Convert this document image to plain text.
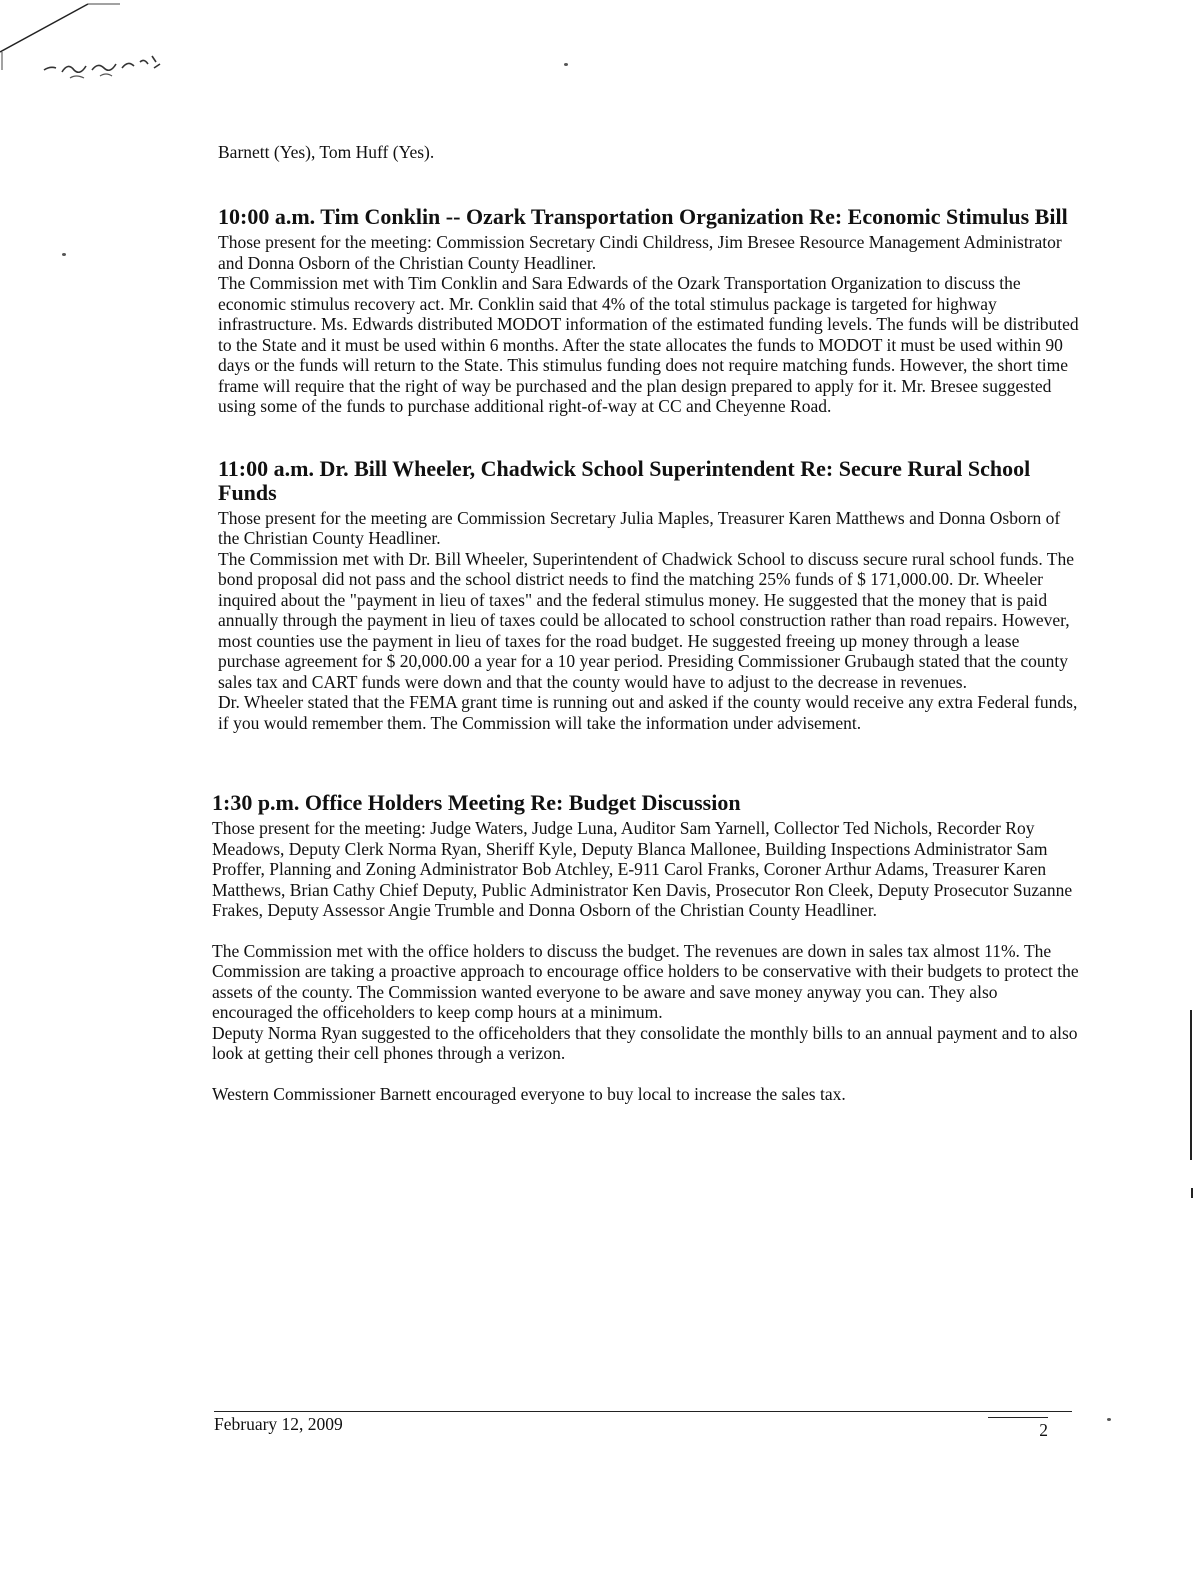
Barnett (Yes), Tom Huff (Yes).

10:00 a.m. Tim Conklin -- Ozark Transportation Organization Re: Economic Stimulus Bill

Those present for the meeting: Commission Secretary Cindi Childress, Jim Bresee Resource Management Administrator and Donna Osborn of the Christian County Headliner.

The Commission met with Tim Conklin and Sara Edwards of the Ozark Transportation Organization to discuss the economic stimulus recovery act. Mr. Conklin said that 4% of the total stimulus package is targeted for highway infrastructure. Ms. Edwards distributed MODOT information of the estimated funding levels. The funds will be distributed to the State and it must be used within 6 months. After the state allocates the funds to MODOT it must be used within 90 days or the funds will return to the State. This stimulus funding does not require matching funds. However, the short time frame will require that the right of way be purchased and the plan design prepared to apply for it. Mr. Bresee suggested using some of the funds to purchase additional right-of-way at CC and Cheyenne Road.

11:00 a.m. Dr. Bill Wheeler, Chadwick School Superintendent Re: Secure Rural School Funds

Those present for the meeting are Commission Secretary Julia Maples, Treasurer Karen Matthews and Donna Osborn of the Christian County Headliner.

The Commission met with Dr. Bill Wheeler, Superintendent of Chadwick School to discuss secure rural school funds. The bond proposal did not pass and the school district needs to find the matching 25% funds of $ 171,000.00. Dr. Wheeler inquired about the "payment in lieu of taxes" and the federal stimulus money. He suggested that the money that is paid annually through the payment in lieu of taxes could be allocated to school construction rather than road repairs. However, most counties use the payment in lieu of taxes for the road budget. He suggested freeing up money through a lease purchase agreement for $ 20,000.00 a year for a 10 year period. Presiding Commissioner Grubaugh stated that the county sales tax and CART funds were down and that the county would have to adjust to the decrease in revenues.

Dr. Wheeler stated that the FEMA grant time is running out and asked if the county would receive any extra Federal funds, if you would remember them. The Commission will take the information under advisement.

1:30 p.m. Office Holders Meeting Re: Budget Discussion

Those present for the meeting: Judge Waters, Judge Luna, Auditor Sam Yarnell, Collector Ted Nichols, Recorder Roy Meadows, Deputy Clerk Norma Ryan, Sheriff Kyle, Deputy Blanca Mallonee, Building Inspections Administrator Sam Proffer, Planning and Zoning Administrator Bob Atchley, E-911 Carol Franks, Coroner Arthur Adams, Treasurer Karen Matthews, Brian Cathy Chief Deputy, Public Administrator Ken Davis, Prosecutor Ron Cleek, Deputy Prosecutor Suzanne Frakes, Deputy Assessor Angie Trumble and Donna Osborn of the Christian County Headliner.

The Commission met with the office holders to discuss the budget. The revenues are down in sales tax almost 11%. The Commission are taking a proactive approach to encourage office holders to be conservative with their budgets to protect the assets of the county. The Commission wanted everyone to be aware and save money anyway you can. They also encouraged the officeholders to keep comp hours at a minimum.

Deputy Norma Ryan suggested to the officeholders that they consolidate the monthly bills to an annual payment and to also look at getting their cell phones through a verizon.

Western Commissioner Barnett encouraged everyone to buy local to increase the sales tax.

February 12, 2009	2
